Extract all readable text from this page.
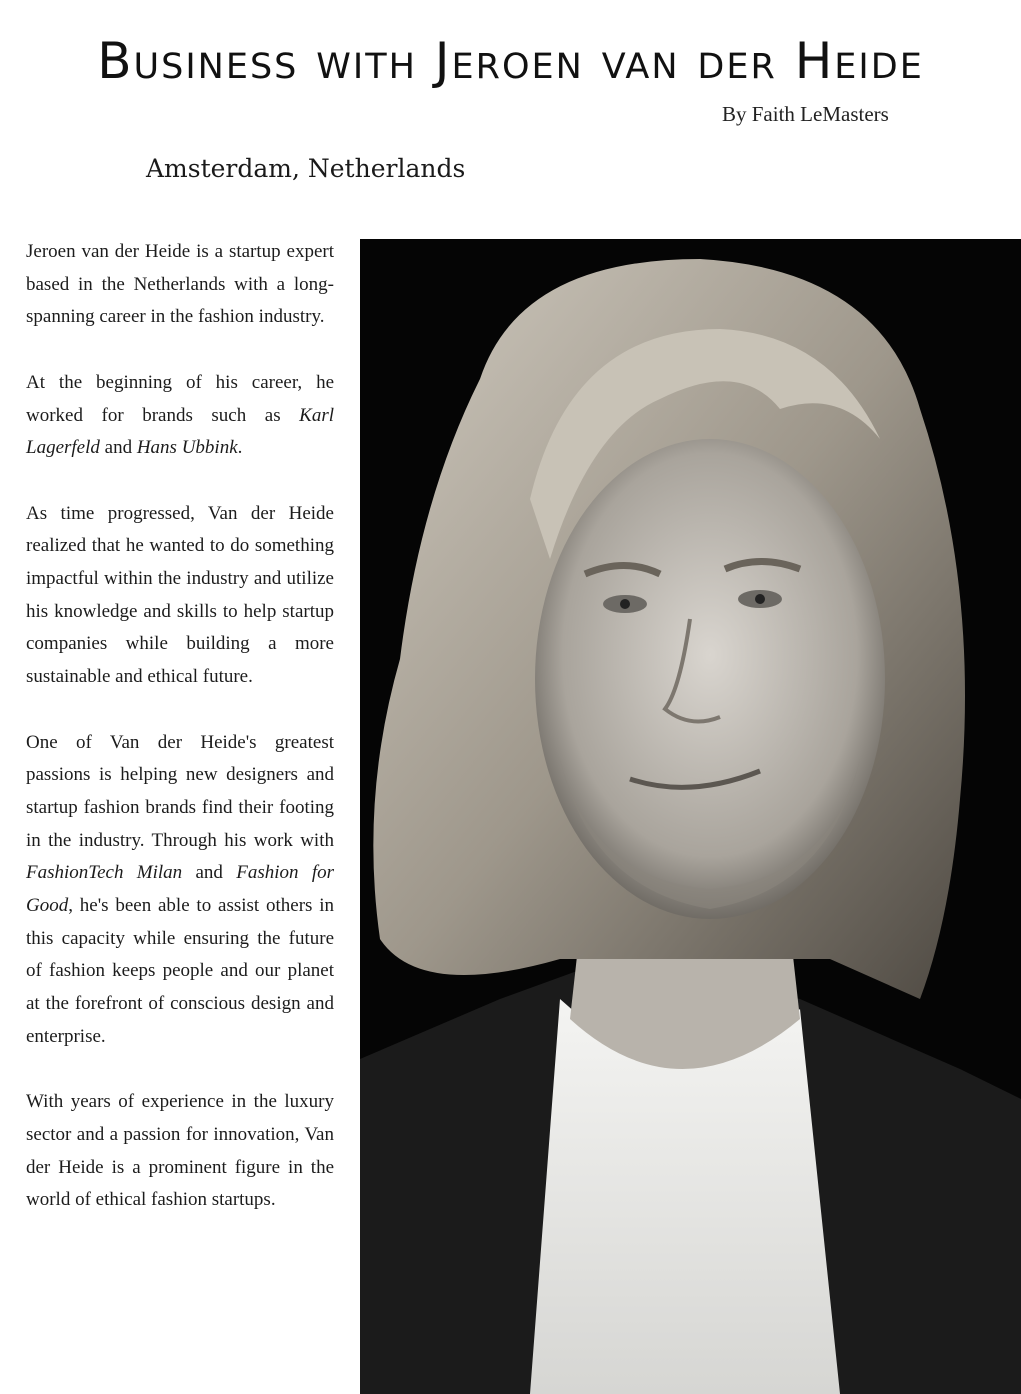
Business with Jeroen van der Heide
By Faith LeMasters
Amsterdam, Netherlands

Jeroen van der Heide is a startup expert based in the Netherlands with a long-spanning career in the fashion industry.

At the beginning of his career, he worked for brands such as Karl Lagerfeld and Hans Ubbink.

As time progressed, Van der Heide realized that he wanted to do something impactful within the industry and utilize his knowledge and skills to help startup companies while building a more sustainable and ethical future.

One of Van der Heide's greatest passions is helping new designers and startup fashion brands find their footing in the industry. Through his work with FashionTech Milan and Fashion for Good, he's been able to assist others in this capacity while ensuring the future of fashion keeps people and our planet at the forefront of conscious design and enterprise.

With years of experience in the luxury sector and a passion for innovation, Van der Heide is a prominent figure in the world of ethical fashion startups.
